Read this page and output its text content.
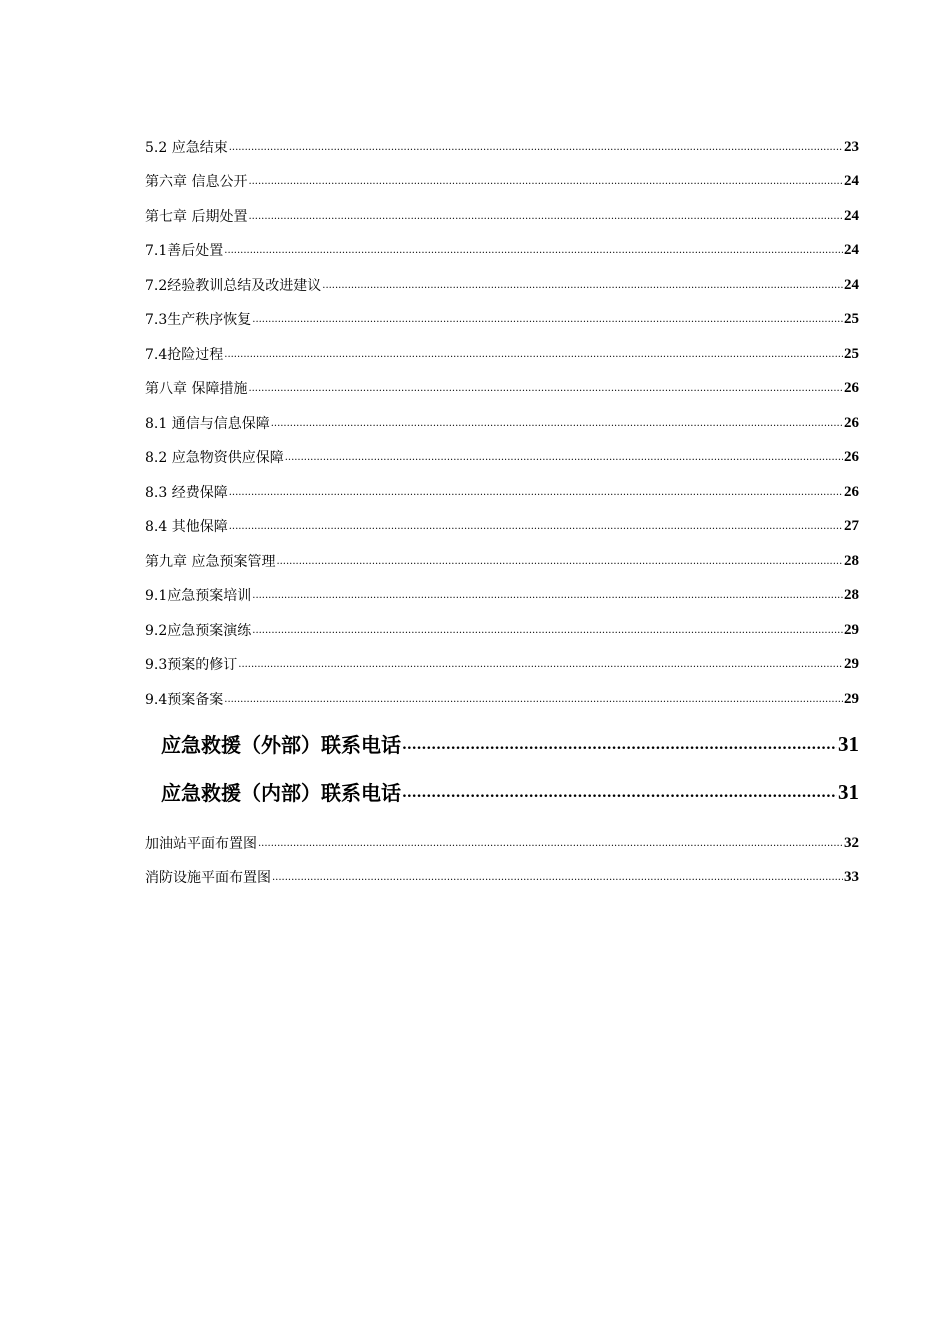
5.2 应急结束 .....	23
第六章 信息公开 .....	24
第七章 后期处置 .....	24
7.1善后处置 .....	24
7.2经验教训总结及改进建议 .....	24
7.3生产秩序恢复 .....	25
7.4抢险过程 .....	25
第八章 保障措施 .....	26
8.1 通信与信息保障 .....	26
8.2 应急物资供应保障 .....	26
8.3 经费保障 .....	26
8.4 其他保障 .....	27
第九章 应急预案管理 .....	28
9.1应急预案培训 .....	28
9.2应急预案演练 .....	29
9.3预案的修订 .....	29
9.4预案备案 .....	29
应急救援（外部）联系电话 .....	31
应急救援（内部）联系电话 .....	31
加油站平面布置图 .....	32
消防设施平面布置图 .....	33
